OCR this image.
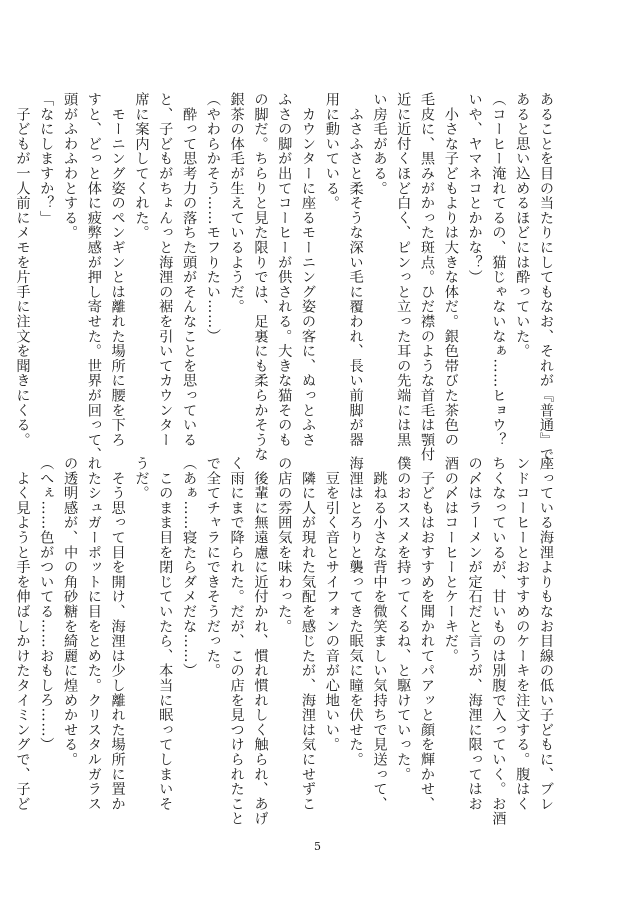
あることを目の当たりにしてもなお、それが『普通』で
あると思い込めるほどには酔っていた。
（コーヒー淹れてるの、猫じゃないなぁ……ヒョウ？
いや、ヤマネコとかかな？）
　小さな子どもよりは大きな体だ。銀色帯びた茶色の
毛皮に、黒みがかった斑点。ひだ襟のような首毛は顎付
近に近付くほど白く、ピンっと立った耳の先端には黒
い房毛がある。
　ふさふさと柔そうな深い毛に覆われ、長い前脚が器
用に動いている。
　カウンターに座るモーニング姿の客に、ぬっとふさ
ふさの脚が出てコーヒーが供される。大きな猫そのも
の脚だ。ちらりと見た限りでは、足裏にも柔らかそうな
銀茶の体毛が生えているようだ。
（やわらかそう……モフりたい……）
　酔って思考力の落ちた頭がそんなことを思っている
と、子どもがちょんっと海浬の裾を引いてカウンター
席に案内してくれた。
　モーニング姿のペンギンとは離れた場所に腰を下ろ
すと、どっと体に疲弊感が押し寄せた。世界が回って、
頭がふわふわとする。
「なにしますか？」
　子どもが一人前にメモを片手に注文を聞きにくる。
座っている海浬よりもなお目線の低い子どもに、ブレ
ンドコーヒーとおすすめのケーキを注文する。腹はく
ちくなっているが、甘いものは別腹で入っていく。お酒
の〆はラーメンが定石だと言うが、海浬に限ってはお
酒の〆はコーヒーとケーキだ。
　子どもはおすすめを聞かれてパアッと顔を輝かせ、
僕のおススメを持ってくるね、と駆けていった。
　跳ねる小さな背中を微笑ましい気持ちで見送って、
海浬はとろりと襲ってきた眠気に瞳を伏せた。
　豆を引く音とサイフォンの音が心地いい。
　隣に人が現れた気配を感じたが、海浬は気にせずこ
の店の雰囲気を味わった。
　後輩に無遠慮に近付かれ、慣れ慣れしく触られ、あげ
く雨にまで降られた。だが、この店を見つけられたこと
で全てチャラにできそうだった。
（あぁ……寝たらダメだな……）
　このまま目を閉じていたら、本当に眠ってしまいそ
うだ。
　そう思って目を開け、海浬は少し離れた場所に置か
れたシュガーポットに目をとめた。クリスタルガラス
の透明感が、中の角砂糖を綺麗に煌めかせる。
（へぇ……色がついてる……おもしろ……）
　よく見ようと手を伸ばしかけたタイミングで、子ど
5
